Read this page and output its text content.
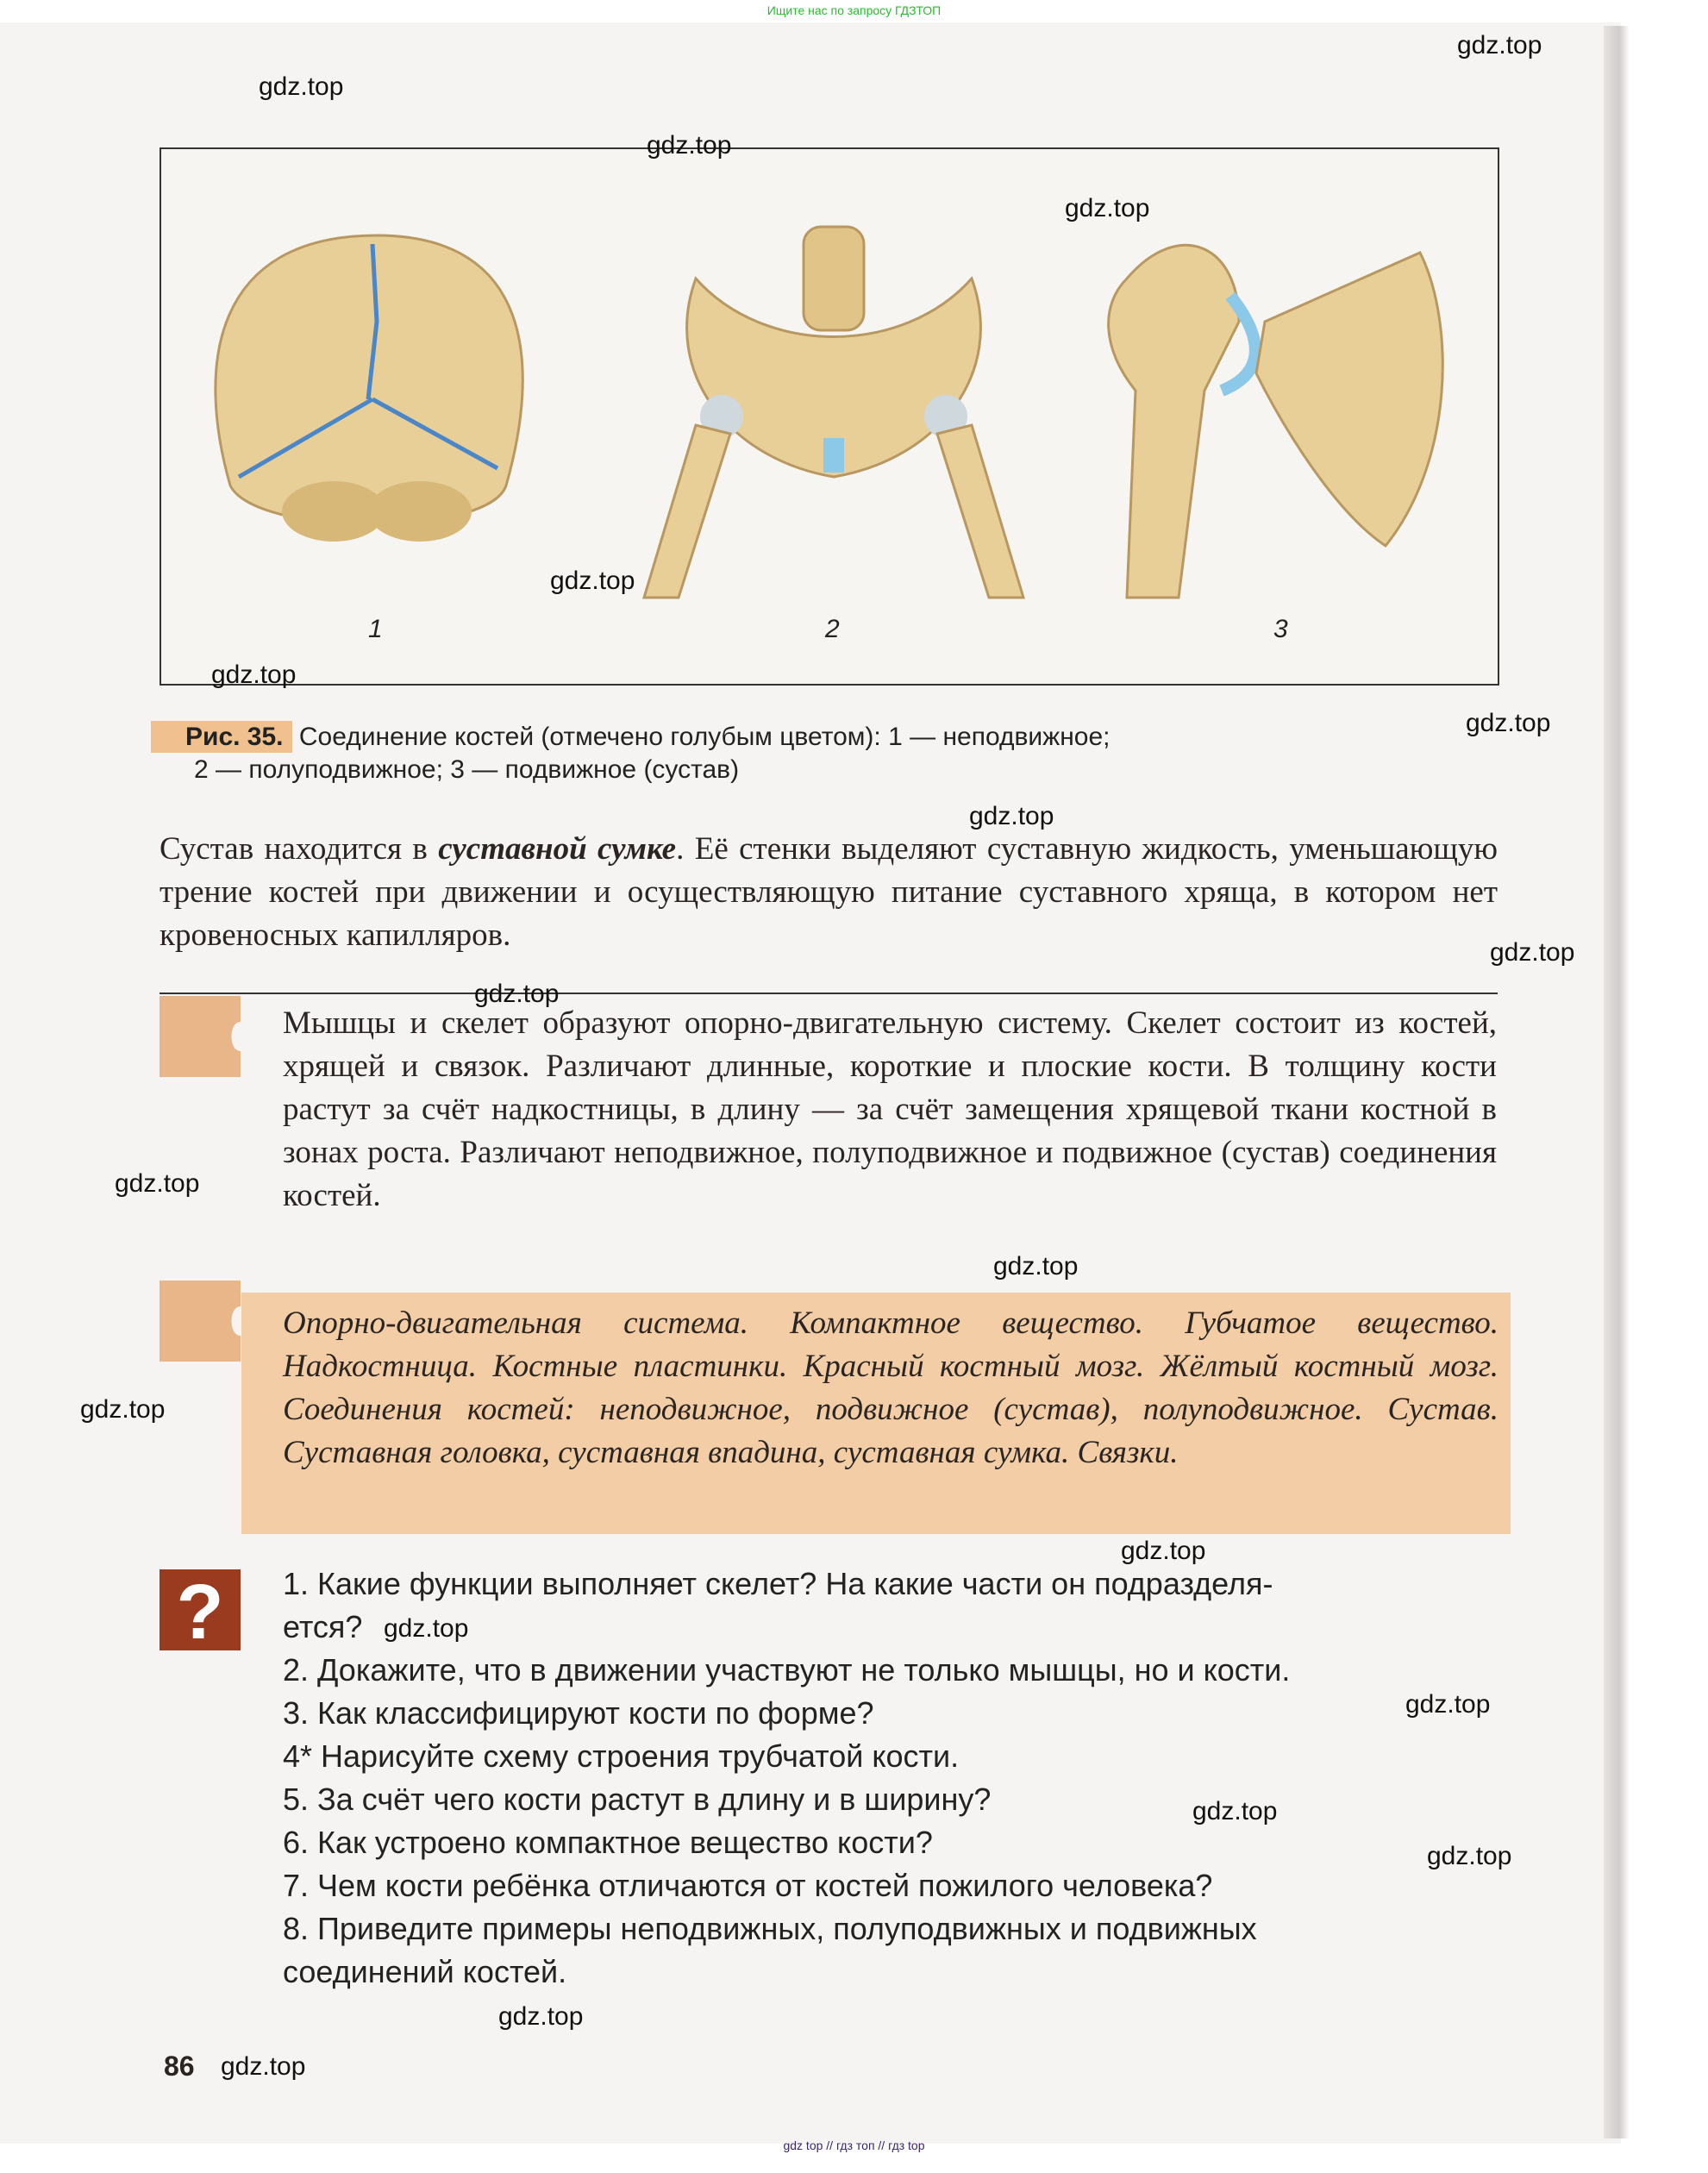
Ищите нас по запросу ГДЗТОП
1	2	3
Рис. 35. Соединение костей (отмечено голубым цветом): 1 — неподвижное;
2 — полуподвижное; 3 — подвижное (сустав)
Сустав находится в суставной сумке. Её стенки выделяют суставную жидкость, уменьшающую трение костей при движении и осуществляющую питание суставного хряща, в котором нет кровеносных капилляров.
Мышцы и скелет образуют опорно-двигательную систему. Скелет состоит из костей, хрящей и связок. Различают длинные, короткие и плоские кости. В толщину кости растут за счёт надкостницы, в длину — за счёт замещения хрящевой ткани костной в зонах роста. Различают неподвижное, полуподвижное и подвижное (сустав) соединения костей.
Опорно-двигательная система. Компактное вещество. Губчатое вещество. Надкостница. Костные пластинки. Красный костный мозг. Жёлтый костный мозг. Соединения костей: неподвижное, подвижное (сустав), полуподвижное. Сустав. Суставная головка, суставная впадина, суставная сумка. Связки.
? 1. Какие функции выполняет скелет? На какие части он подразделя-
ется?
2. Докажите, что в движении участвуют не только мышцы, но и кости.
3. Как классифицируют кости по форме?
4* Нарисуйте схему строения трубчатой кости.
5. За счёт чего кости растут в длину и в ширину?
6. Как устроено компактное вещество кости?
7. Чем кости ребёнка отличаются от костей пожилого человека?
8. Приведите примеры неподвижных, полуподвижных и подвижных
соединений костей.
86
gdz.top
gdz.top
gdz.top
gdz.top
gdz.top
gdz.top
gdz.top
gdz.top
gdz.top
gdz.top
gdz.top
gdz.top
gdz.top
gdz.top
gdz.top
gdz.top
gdz.top
gdz.top
gdz.top
gdz.top
gdz top // гдз топ // гдз top
